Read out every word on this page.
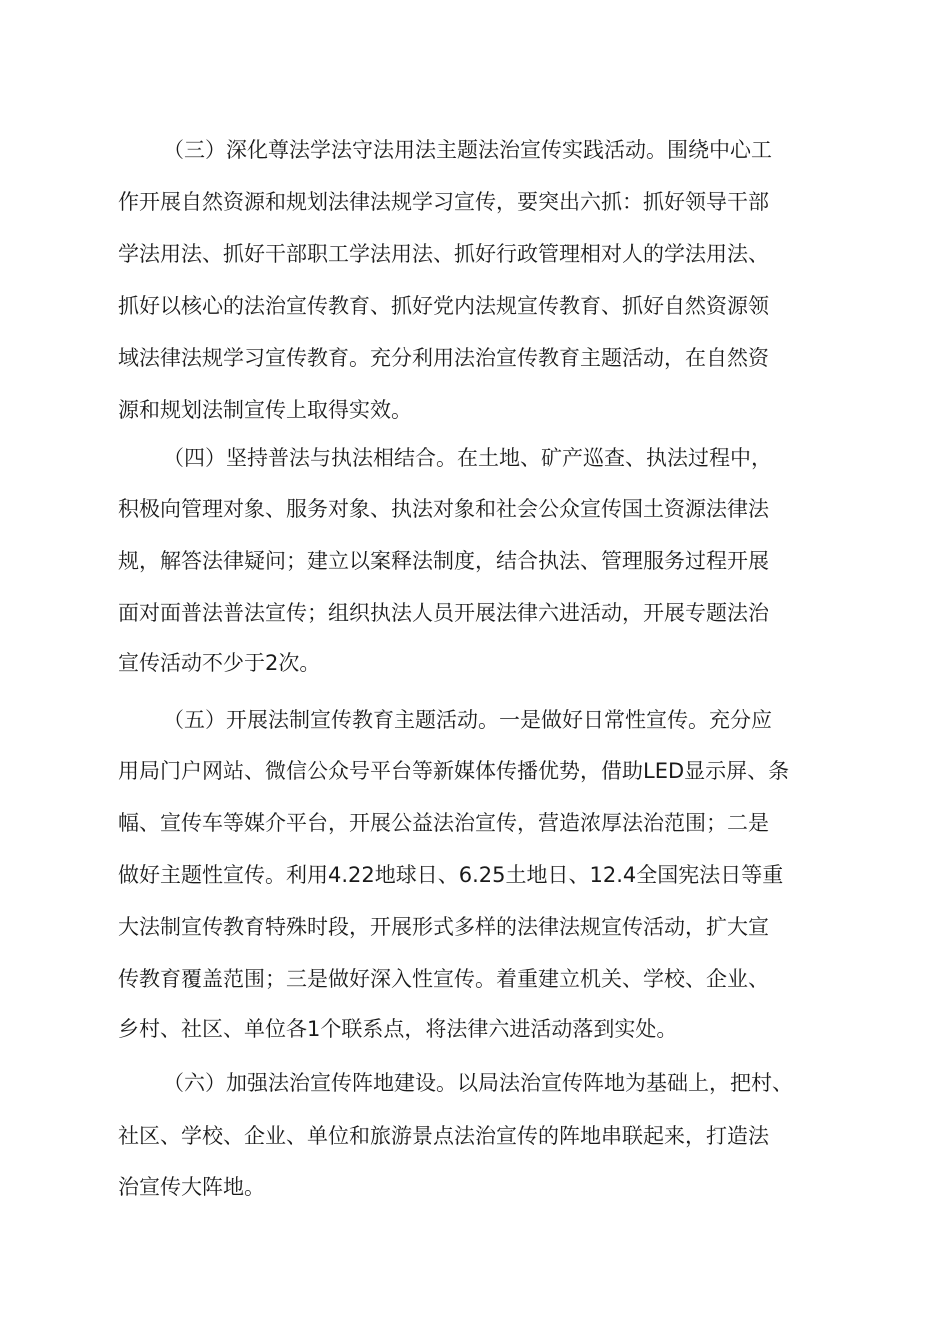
（三）深化尊法学法守法用法主题法治宣传实践活动。围绕中心工
作开展自然资源和规划法律法规学习宣传，要突出六抓：抓好领导干部
学法用法、抓好干部职工学法用法、抓好行政管理相对人的学法用法、
抓好以核心的法治宣传教育、抓好党内法规宣传教育、抓好自然资源领
域法律法规学习宣传教育。充分利用法治宣传教育主题活动，在自然资
源和规划法制宣传上取得实效。
（四）坚持普法与执法相结合。在土地、矿产巡查、执法过程中，
积极向管理对象、服务对象、执法对象和社会公众宣传国土资源法律法
规，解答法律疑问；建立以案释法制度，结合执法、管理服务过程开展
面对面普法普法宣传；组织执法人员开展法律六进活动，开展专题法治
宣传活动不少于2次。
（五）开展法制宣传教育主题活动。一是做好日常性宣传。充分应
用局门户网站、微信公众号平台等新媒体传播优势，借助LED显示屏、条
幅、宣传车等媒介平台，开展公益法治宣传，营造浓厚法治范围；二是
做好主题性宣传。利用4.22地球日、6.25土地日、12.4全国宪法日等重
大法制宣传教育特殊时段，开展形式多样的法律法规宣传活动，扩大宣
传教育覆盖范围；三是做好深入性宣传。着重建立机关、学校、企业、
乡村、社区、单位各1个联系点，将法律六进活动落到实处。
（六）加强法治宣传阵地建设。以局法治宣传阵地为基础上，把村、
社区、学校、企业、单位和旅游景点法治宣传的阵地串联起来，打造法
治宣传大阵地。
